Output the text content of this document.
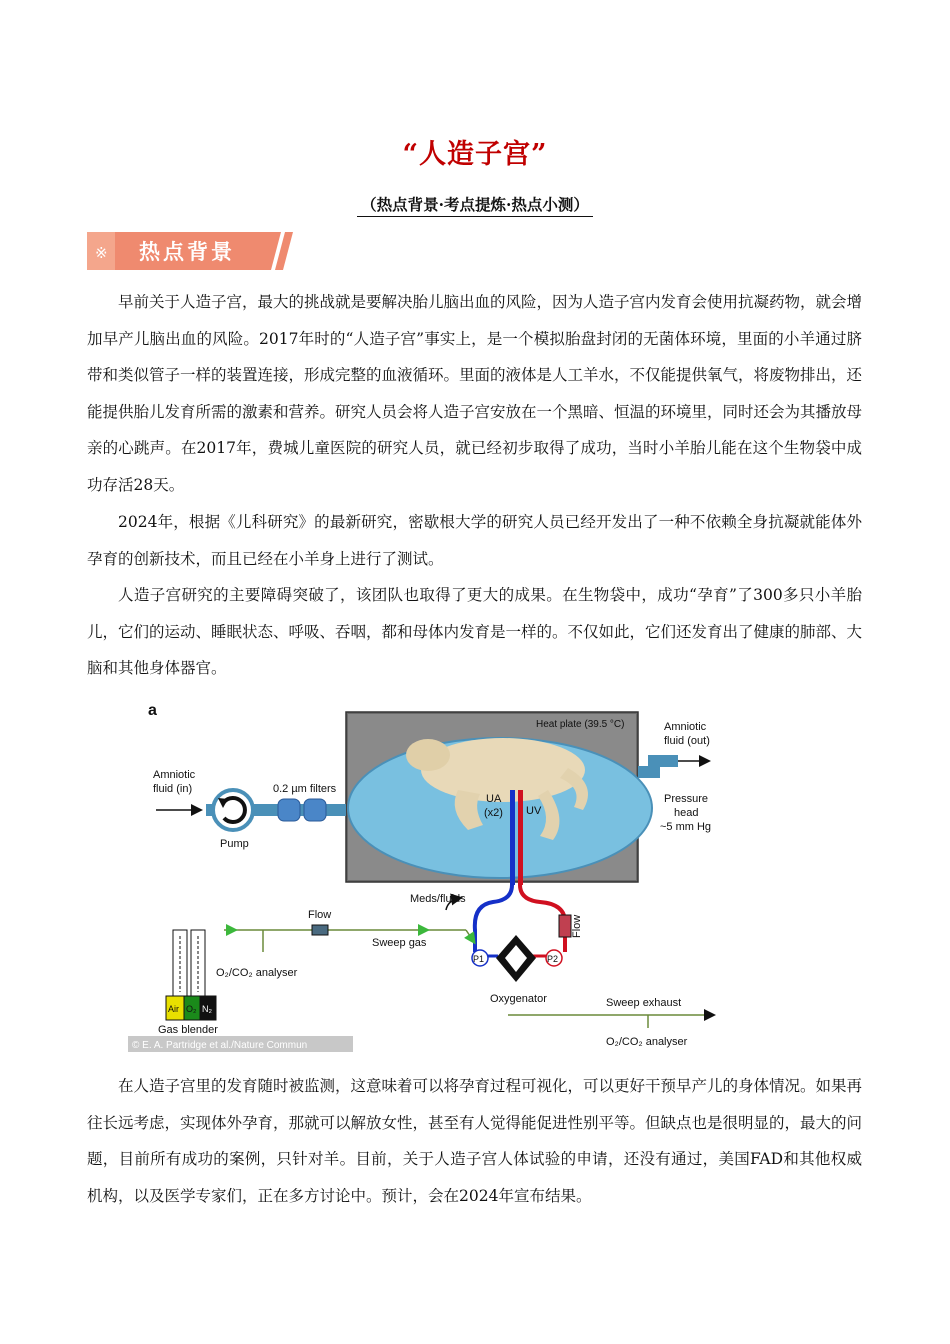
“人造子宫”
（热点背景·考点提炼·热点小测）
※ 热点背景

早前关于人造子宫，最大的挑战就是要解决胎儿脑出血的风险，因为人造子宫内发育会使用抗凝药物，就会增加早产儿脑出血的风险。2017年时的“人造子宫”事实上，是一个模拟胎盘封闭的无菌体环境，里面的小羊通过脐带和类似管子一样的装置连接，形成完整的血液循环。里面的液体是人工羊水，不仅能提供氧气，将废物排出，还能提供胎儿发育所需的激素和营养。研究人员会将人造子宫安放在一个黑暗、恒温的环境里，同时还会为其播放母亲的心跳声。在2017年，费城儿童医院的研究人员，就已经初步取得了成功，当时小羊胎儿能在这个生物袋中成功存活28天。

2024年，根据《儿科研究》的最新研究，密歇根大学的研究人员已经开发出了一种不依赖全身抗凝就能体外孕育的创新技术，而且已经在小羊身上进行了测试。

人造子宫研究的主要障碍突破了，该团队也取得了更大的成果。在生物袋中，成功“孕育”了300多只小羊胎儿，它们的运动、睡眠状态、呼吸、吞咽，都和母体内发育是一样的。不仅如此，它们还发育出了健康的肺部、大脑和其他身体器官。

a
Heat plate (39.5 °C)
Amniotic
fluid (in)
Pump
0.2 µm filters
Amniotic
fluid (out)
Pressure
head
~5 mm Hg
UA
(x2) UV
Flow
P1	P2
Oxygenator
Meds/fluids
Flow
Sweep gas
O₂/CO₂ analyser
Air O₂ N₂
Gas blender
Sweep exhaust
O₂/CO₂ analyser
© E. A. Partridge et al./Nature Commun

在人造子宫里的发育随时被监测，这意味着可以将孕育过程可视化，可以更好干预早产儿的身体情况。如果再往长远考虑，实现体外孕育，那就可以解放女性，甚至有人觉得能促进性别平等。但缺点也是很明显的，最大的问题，目前所有成功的案例，只针对羊。目前，关于人造子宫人体试验的申请，还没有通过，美国FAD和其他权威机构，以及医学专家们，正在多方讨论中。预计，会在2024年宣布结果。
